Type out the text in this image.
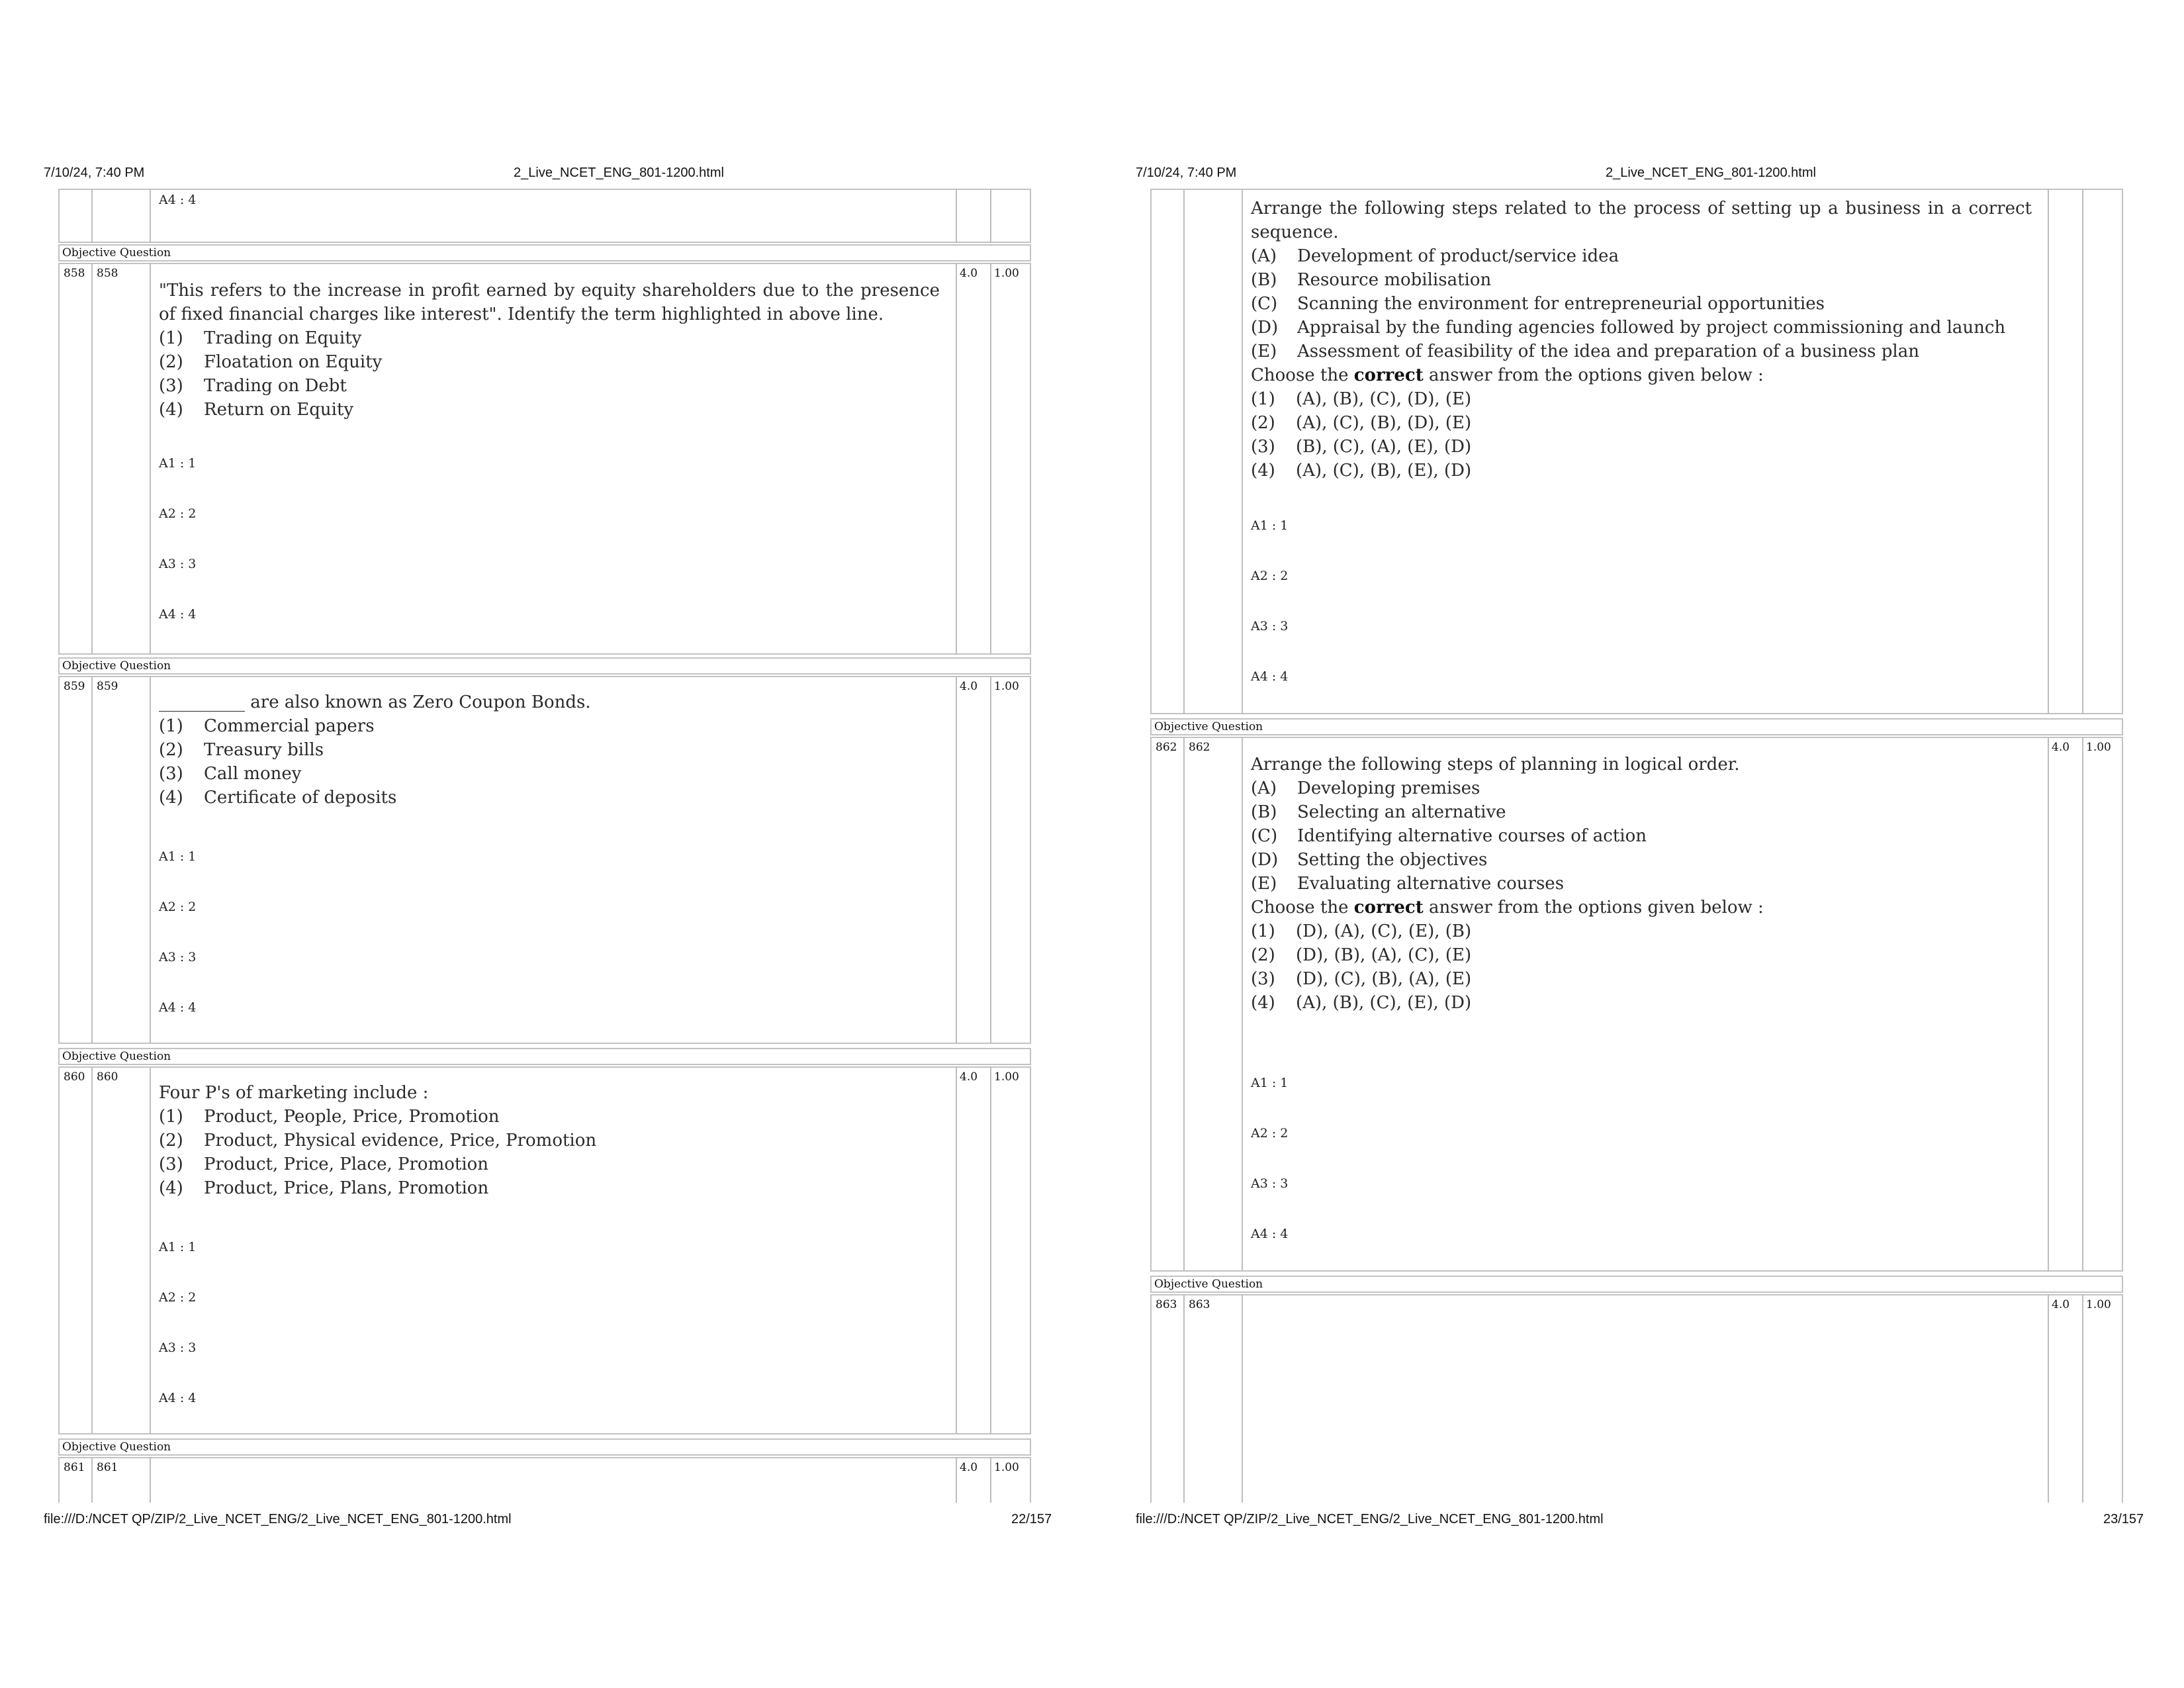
7/10/24, 7:40 PM	2_Live_NCET_ENG_801-1200.html
A4 : 4
Objective Question
858 858	4.0 1.00
"This refers to the increase in profit earned by equity shareholders due to the presence of fixed financial charges like interest". Identify the term highlighted in above line.
(1)	Trading on Equity
(2)	Floatation on Equity
(3)	Trading on Debt
(4)	Return on Equity
A1 : 1
A2 : 2
A3 : 3
A4 : 4
Objective Question
859 859	4.0 1.00
__________ are also known as Zero Coupon Bonds.
(1)	Commercial papers
(2)	Treasury bills
(3)	Call money
(4)	Certificate of deposits
A1 : 1
A2 : 2
A3 : 3
A4 : 4
Objective Question
860 860	4.0 1.00
Four P's of marketing include :
(1)	Product, People, Price, Promotion
(2)	Product, Physical evidence, Price, Promotion
(3)	Product, Price, Place, Promotion
(4)	Product, Price, Plans, Promotion
A1 : 1
A2 : 2
A3 : 3
A4 : 4
Objective Question
861 861	4.0 1.00
file:///D:/NCET QP/ZIP/2_Live_NCET_ENG/2_Live_NCET_ENG_801-1200.html	22/157
7/10/24, 7:40 PM	2_Live_NCET_ENG_801-1200.html
Arrange the following steps related to the process of setting up a business in a correct sequence.
(A)	Development of product/service idea
(B)	Resource mobilisation
(C)	Scanning the environment for entrepreneurial opportunities
(D)	Appraisal by the funding agencies followed by project commissioning and launch
(E)	Assessment of feasibility of the idea and preparation of a business plan
Choose the correct answer from the options given below :
(1)	(A), (B), (C), (D), (E)
(2)	(A), (C), (B), (D), (E)
(3)	(B), (C), (A), (E), (D)
(4)	(A), (C), (B), (E), (D)
A1 : 1
A2 : 2
A3 : 3
A4 : 4
Objective Question
862 862	4.0 1.00
Arrange the following steps of planning in logical order.
(A)	Developing premises
(B)	Selecting an alternative
(C)	Identifying alternative courses of action
(D)	Setting the objectives
(E)	Evaluating alternative courses
Choose the correct answer from the options given below :
(1)	(D), (A), (C), (E), (B)
(2)	(D), (B), (A), (C), (E)
(3)	(D), (C), (B), (A), (E)
(4)	(A), (B), (C), (E), (D)
A1 : 1
A2 : 2
A3 : 3
A4 : 4
Objective Question
863 863	4.0 1.00
file:///D:/NCET QP/ZIP/2_Live_NCET_ENG/2_Live_NCET_ENG_801-1200.html	23/157
